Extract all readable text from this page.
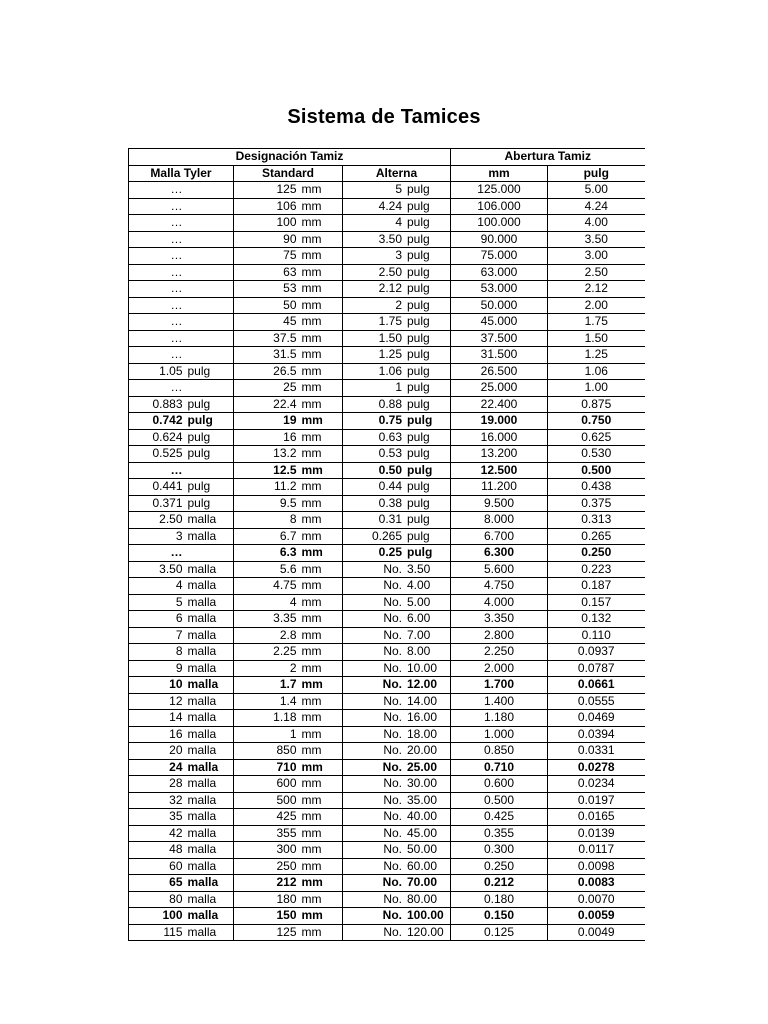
Sistema de Tamices
Designación Tamiz			Abertura Tamiz	
Malla Tyler	Standard	Alterna	mm	pulg

…	125 mm	5 pulg	125.000	5.00

…	106 mm	4.24 pulg	106.000	4.24

…	100 mm	4 pulg	100.000	4.00

…	90 mm	3.50 pulg	90.000	3.50

…	75 mm	3 pulg	75.000	3.00

…	63 mm	2.50 pulg	63.000	2.50

…	53 mm	2.12 pulg	53.000	2.12

…	50 mm	2 pulg	50.000	2.00

…	45 mm	1.75 pulg	45.000	1.75

…	37.5 mm	1.50 pulg	37.500	1.50

…	31.5 mm	1.25 pulg	31.500	1.25

1.05 pulg	26.5 mm	1.06 pulg	26.500	1.06

…	25 mm	1 pulg	25.000	1.00

0.883 pulg	22.4 mm	0.88 pulg	22.400	0.875

0.742 pulg	19 mm	0.75 pulg	19.000	0.750

0.624 pulg	16 mm	0.63 pulg	16.000	0.625

0.525 pulg	13.2 mm	0.53 pulg	13.200	0.530

…	12.5 mm	0.50 pulg	12.500	0.500

0.441 pulg	11.2 mm	0.44 pulg	11.200	0.438

0.371 pulg	9.5 mm	0.38 pulg	9.500	0.375

2.50 malla	8 mm	0.31 pulg	8.000	0.313

3 malla	6.7 mm	0.265 pulg	6.700	0.265

…	6.3 mm	0.25 pulg	6.300	0.250

3.50 malla	5.6 mm	No. 3.50	5.600	0.223

4 malla	4.75 mm	No. 4.00	4.750	0.187

5 malla	4 mm	No. 5.00	4.000	0.157

6 malla	3.35 mm	No. 6.00	3.350	0.132

7 malla	2.8 mm	No. 7.00	2.800	0.110

8 malla	2.25 mm	No. 8.00	2.250	0.0937

9 malla	2 mm	No. 10.00	2.000	0.0787

10 malla	1.7 mm	No. 12.00	1.700	0.0661

12 malla	1.4 mm	No. 14.00	1.400	0.0555

14 malla	1.18 mm	No. 16.00	1.180	0.0469

16 malla	1 mm	No. 18.00	1.000	0.0394

20 malla	850 mm	No. 20.00	0.850	0.0331

24 malla	710 mm	No. 25.00	0.710	0.0278

28 malla	600 mm	No. 30.00	0.600	0.0234

32 malla	500 mm	No. 35.00	0.500	0.0197

35 malla	425 mm	No. 40.00	0.425	0.0165

42 malla	355 mm	No. 45.00	0.355	0.0139

48 malla	300 mm	No. 50.00	0.300	0.0117

60 malla	250 mm	No. 60.00	0.250	0.0098

65 malla	212 mm	No. 70.00	0.212	0.0083

80 malla	180 mm	No. 80.00	0.180	0.0070

100 malla	150 mm	No. 100.00	0.150	0.0059

115 malla	125 mm	No. 120.00	0.125	0.0049
